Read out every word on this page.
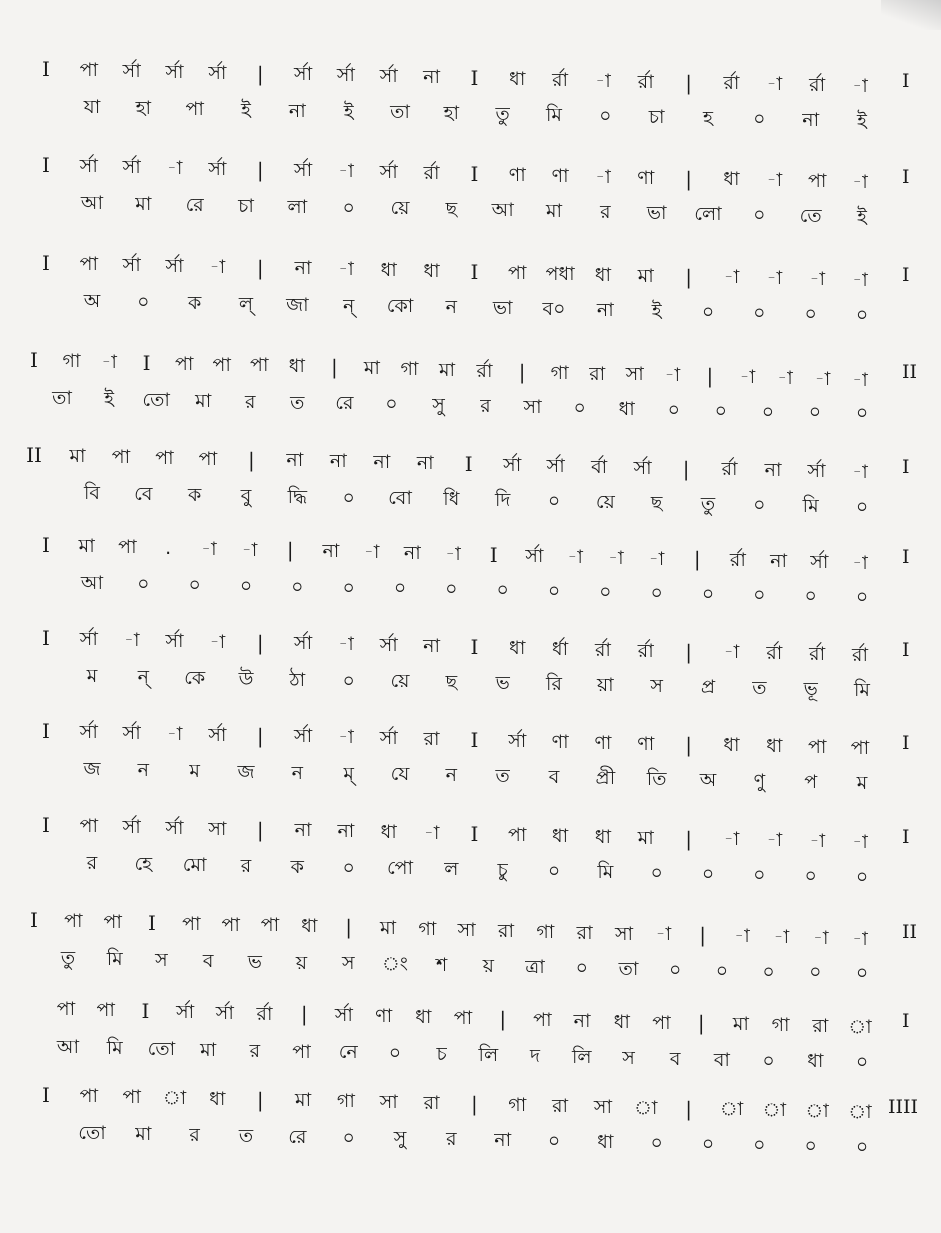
I পা র্সা র্সা র্সা | র্সা র্সা র্সা না I ধা র্রা -া র্রা | র্রা -া র্রা -া I
যা হা পা ই না ই তা হা তু মি ০ চা হ ০ না ই
I র্সা র্সা -া র্সা | র্সা -া র্সা র্রা I ণা ণা -া ণা | ধা -া পা -া I
আ মা রে চা লা ০ য়ে ছ আ মা র ভা লো ০ তে ই
I পা র্সা র্সা -া | না -া ধা ধা I পা পধা ধা মা | -া -া -া -া I
অ ০ ক ল্ জা ন্ কো ন ভা ব০ না ই ০ ০ ০ ০
I গা -া I পা পা পা ধা | মা গা মা র্রা | গা রা সা -া | -া -া -া -া II
তা ই তো মা র ত রে ০ সু র সা ০ ধা ০ ০ ০ ০ ০
II মা পা পা পা | না না না না I র্সা র্সা র্বা র্সা | র্রা না র্সা -া I
বি বে ক বু দ্ধি ০ বো ধি দি ০ য়ে ছ তু ০ মি ০
I মা পা . -া -া | না -া না -া I র্সা -া -া -া | র্রা না র্সা -া I
আ ০ ০ ০ ০ ০ ০ ০ ০ ০ ০ ০ ০ ০ ০ ০
I র্সা -া র্সা -া | র্সা -া র্সা না I ধা র্ধা র্রা র্রা | -া র্রা র্রা র্রা I
ম ন্ কে উ ঠা ০ য়ে ছ ভ রি য়া স প্র ত ভূ মি
I র্সা র্সা -া র্সা | র্সা -া র্সা রা I র্সা ণা ণা ণা | ধা ধা পা পা I
জ ন ম জ ন ম্ যে ন ত ব প্রী তি অ ণু প ম
I পা র্সা র্সা সা | না না ধা -া I পা ধা ধা মা | -া -া -া -া I
র হে মো র ক ০ পো ল চু ০ মি ০ ০ ০ ০ ০
I পা পা I পা পা পা ধা | মা গা সা রা গা রা সা -া | -া -া -া -া II
তু মি স ব ভ য় স ং শ য় ত্রা ০ তা ০ ০ ০ ০ ০
পা পা I র্সা র্সা র্রা | র্সা ণা ধা পা | পা না ধা পা | মা গা রা া I
আ মি তো মা র পা নে ০ চ লি দ লি স ব বা ০ ধা ০
I পা পা া ধা | মা গা সা রা | গা রা সা া | া া া া IIII
তো মা র ত রে ০ সু র না ০ ধা ০ ০ ০ ০ ০
